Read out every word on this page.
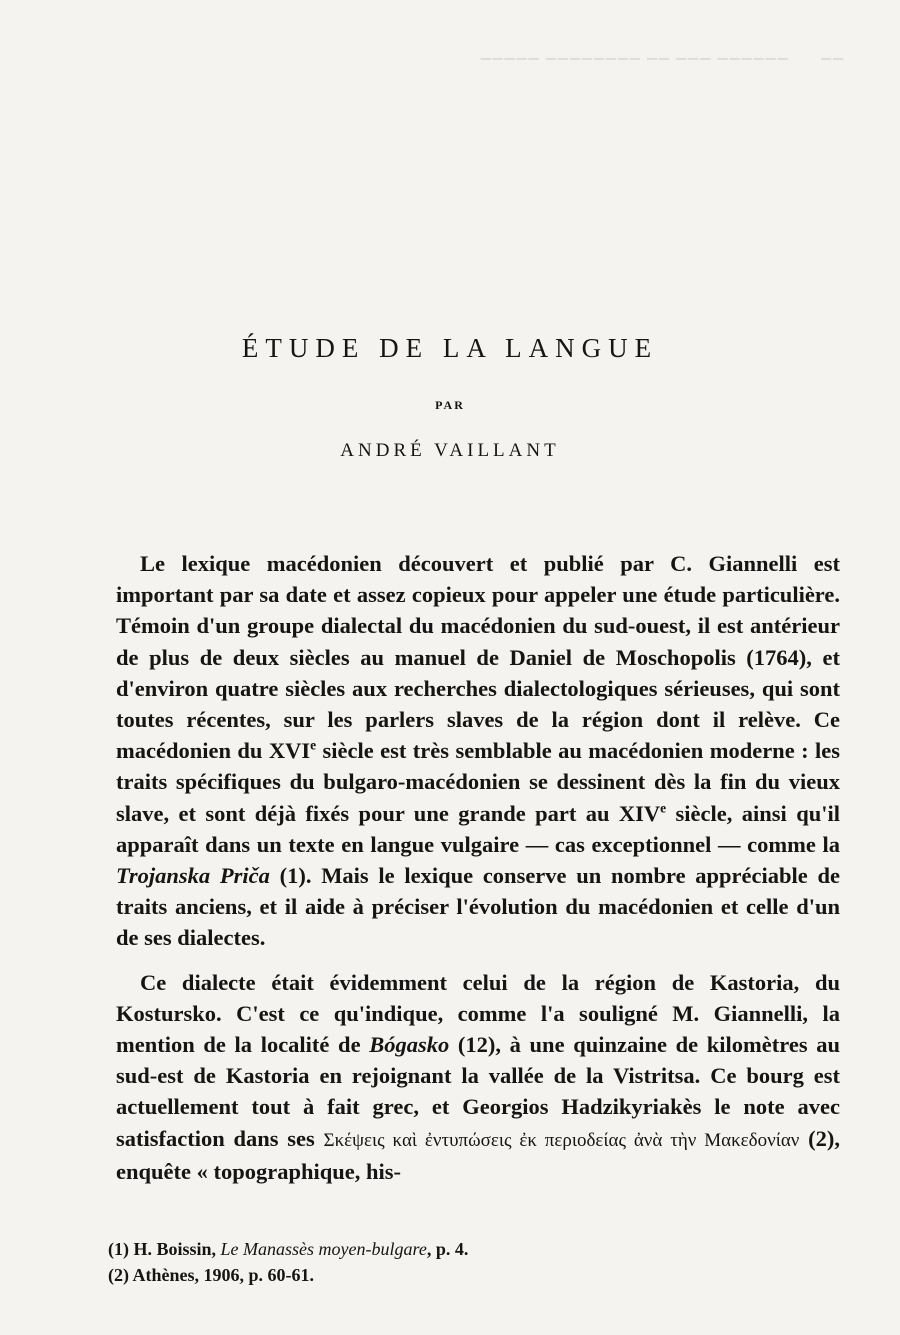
▔▔▔▔▔ ▔▔▔▔▔▔▔▔ ▔▔ ▔▔▔ ▔▔▔▔▔▔      ▔▔
ÉTUDE DE LA LANGUE
PAR
ANDRÉ VAILLANT

Le lexique macédonien découvert et publié par C. Giannelli est important par sa date et assez copieux pour appeler une étude particulière. Témoin d'un groupe dialectal du macédonien du sud-ouest, il est antérieur de plus de deux siècles au manuel de Daniel de Moschopolis (1764), et d'environ quatre siècles aux recherches dialectologiques sérieuses, qui sont toutes récentes, sur les parlers slaves de la région dont il relève. Ce macédonien du XVIe siècle est très semblable au macédonien moderne : les traits spécifiques du bulgaro-macédonien se dessinent dès la fin du vieux slave, et sont déjà fixés pour une grande part au XIVe siècle, ainsi qu'il apparaît dans un texte en langue vulgaire — cas exceptionnel — comme la Trojanska Priča (1). Mais le lexique conserve un nombre appréciable de traits anciens, et il aide à préciser l'évolution du macédonien et celle d'un de ses dialectes.

Ce dialecte était évidemment celui de la région de Kastoria, du Kostursko. C'est ce qu'indique, comme l'a souligné M. Giannelli, la mention de la localité de Bógasko (12), à une quinzaine de kilomètres au sud-est de Kastoria en rejoignant la vallée de la Vistritsa. Ce bourg est actuellement tout à fait grec, et Georgios Hadzikyriakès le note avec satisfaction dans ses Σκέψεις καὶ ἐντυπώσεις ἐκ περιοδείας ἀνὰ τὴν Μακεδονίαν (2), enquête « topographique, his-

(1) H. Boissin, Le Manassès moyen-bulgare, p. 4.

(2) Athènes, 1906, p. 60-61.
